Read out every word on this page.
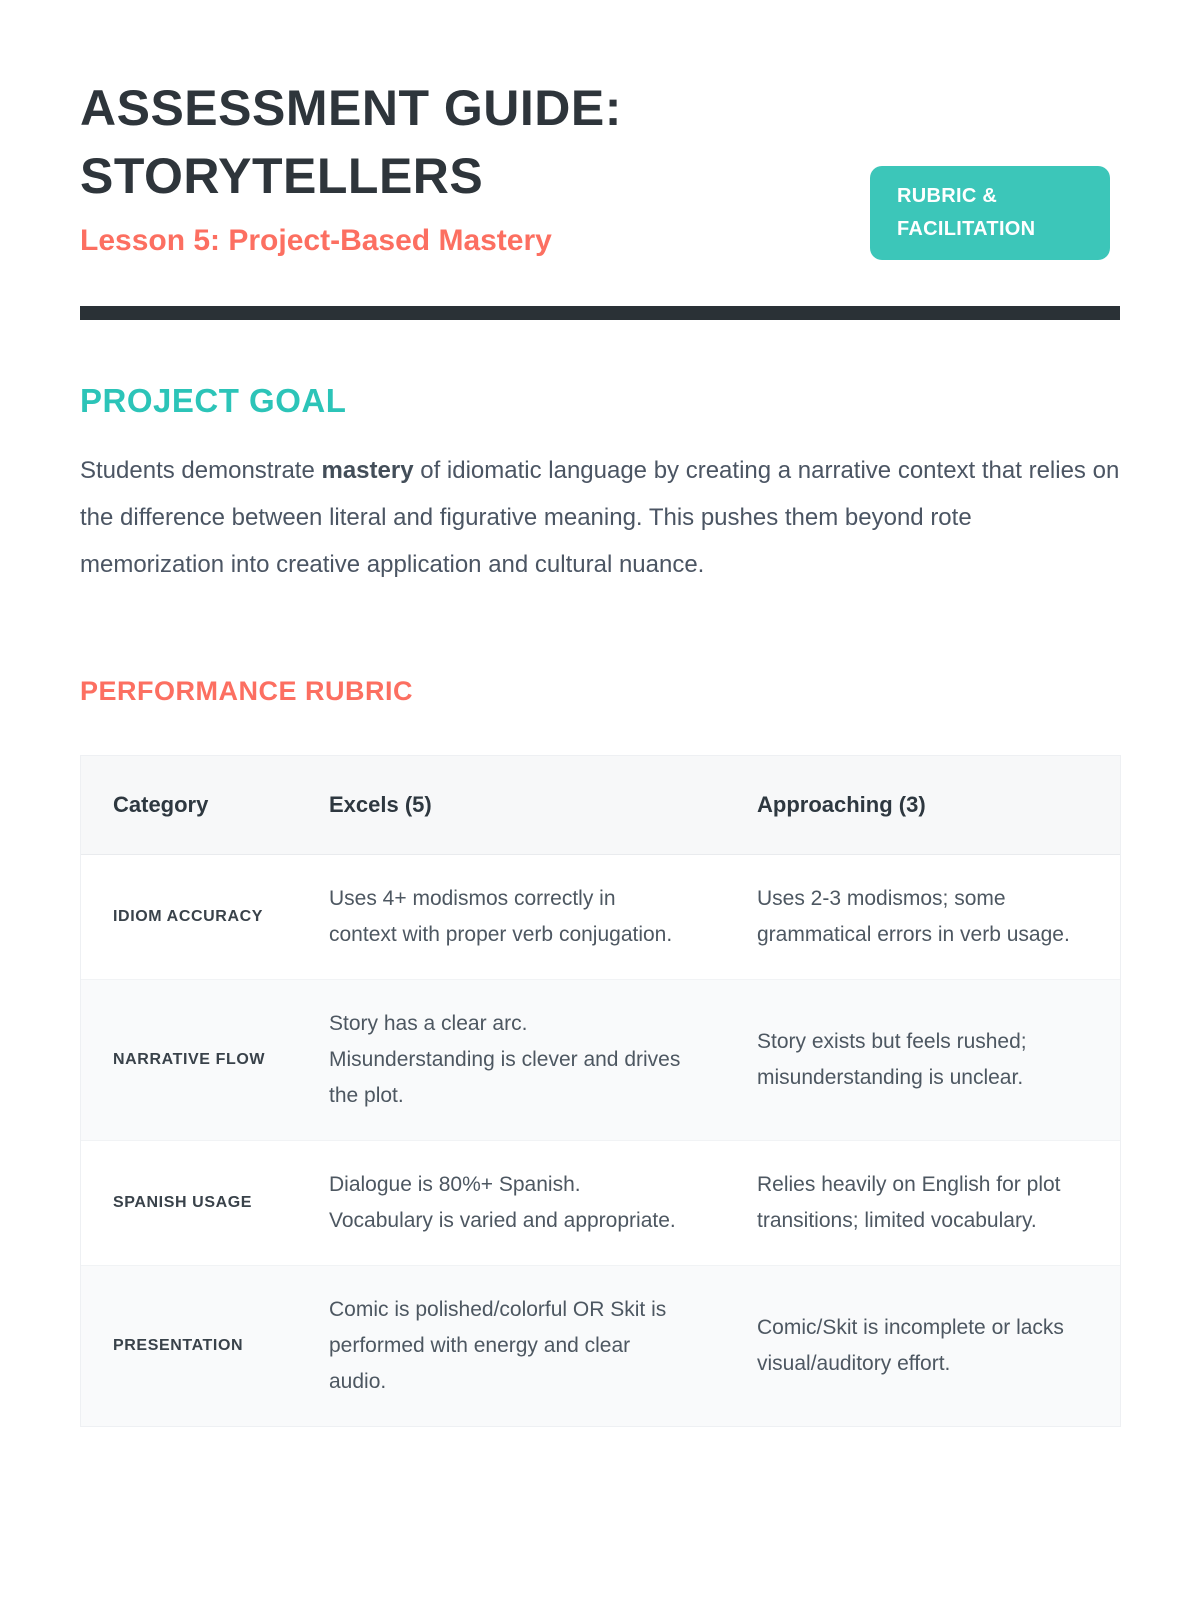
ASSESSMENT GUIDE:
STORYTELLERS
Lesson 5: Project-Based Mastery
RUBRIC &
FACILITATION
PROJECT GOAL

Students demonstrate mastery of idiomatic language by creating a narrative context that relies on the difference between literal and figurative meaning. This pushes them beyond rote memorization into creative application and cultural nuance.

PERFORMANCE RUBRIC
Category	Excels (5)	Approaching (3)
IDIOM ACCURACY
Uses 4+ modismos correctly in context with proper verb conjugation.
Uses 2-3 modismos; some grammatical errors in verb usage.
NARRATIVE FLOW
Story has a clear arc. Misunderstanding is clever and drives the plot.
Story exists but feels rushed; misunderstanding is unclear.
SPANISH USAGE
Dialogue is 80%+ Spanish. Vocabulary is varied and appropriate.
Relies heavily on English for plot transitions; limited vocabulary.
PRESENTATION
Comic is polished/colorful OR Skit is performed with energy and clear audio.
Comic/Skit is incomplete or lacks visual/auditory effort.
